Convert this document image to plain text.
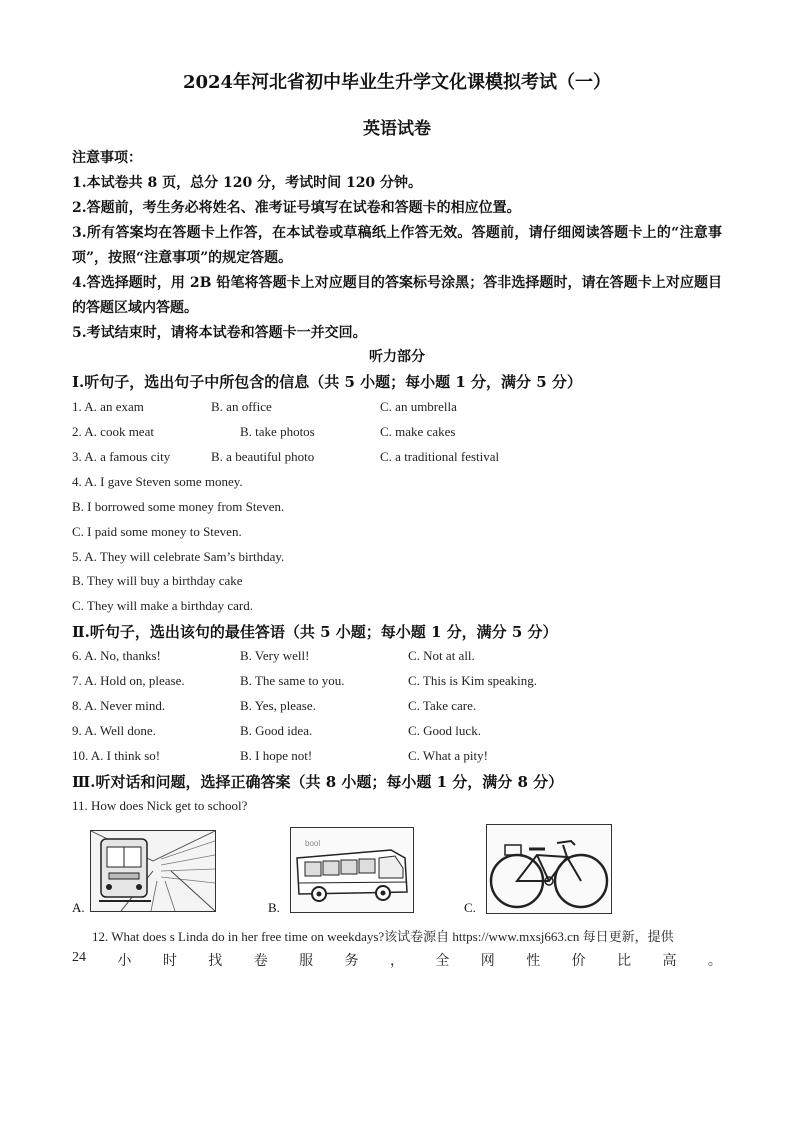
2024年河北省初中毕业生升学文化课模拟考试（一）
英语试卷
注意事项：
1.本试卷共 8 页，总分 120 分，考试时间 120 分钟。
2.答题前，考生务必将姓名、准考证号填写在试卷和答题卡的相应位置。
3.所有答案均在答题卡上作答，在本试卷或草稿纸上作答无效。答题前，请仔细阅读答题卡上的“注意事项”，按照“注意事项”的规定答题。
4.答选择题时，用 2B 铅笔将答题卡上对应题目的答案标号涂黑；答非选择题时，请在答题卡上对应题目的答题区域内答题。
5.考试结束时，请将本试卷和答题卡一并交回。
听力部分
Ⅰ.听句子，选出句子中所包含的信息（共 5 小题；每小题 1 分，满分 5 分）
1. A. an exam	B. an office	C. an umbrella
2. A. cook meat	B. take photos	C. make cakes
3. A. a famous city	B. a beautiful photo	C. a traditional festival
4. A. I gave Steven some money.
B. I borrowed some money from Steven.
C. I paid some money to Steven.
5. A. They will celebrate Sam’s birthday.
B. They will buy a birthday cake
C. They will make a birthday card.
Ⅱ.听句子，选出该句的最佳答语（共 5 小题；每小题 1 分，满分 5 分）
6. A. No, thanks!	B. Very well!	C. Not at all.
7. A. Hold on, please.	B. The same to you.	C. This is Kim speaking.
8. A. Never mind.	B. Yes, please.	C. Take care.
9. A. Well done.	B. Good idea.	C. Good luck.
10. A. I think so!	B. I hope not!	C. What a pity!
Ⅲ.听对话和问题，选择正确答案（共 8 小题；每小题 1 分，满分 8 分）
11. How does Nick get to school?
A.	B.
bool
C.
12. What does s Linda do in her free time on weekdays?该试卷源自 https://www.mxsj663.cn 每日更新，提供
24 小 时 找 卷 服 务 ， 全 网 性 价 比 高 。
